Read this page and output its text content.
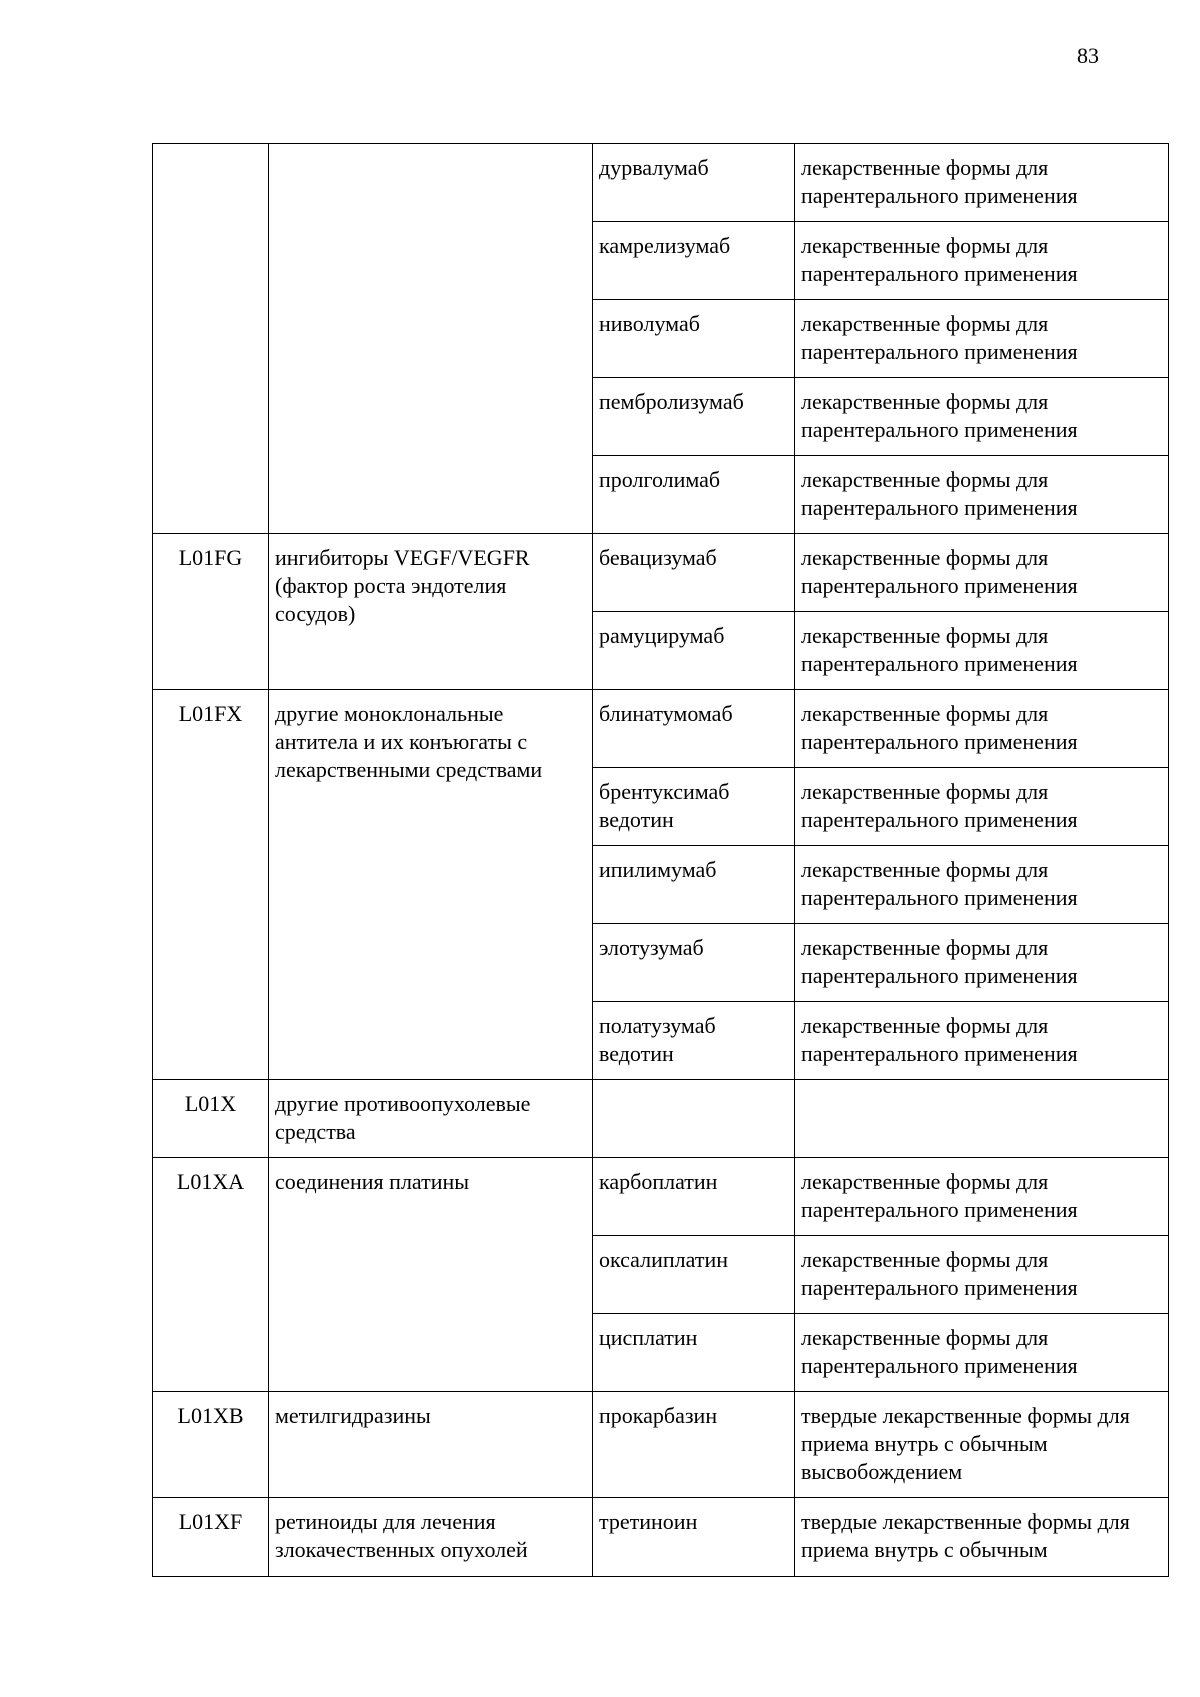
83
		дурвалумаб	лекарственные формы для парентерального применения
		камрелизумаб	лекарственные формы для парентерального применения
		ниволумаб	лекарственные формы для парентерального применения
		пембролизумаб	лекарственные формы для парентерального применения
		пролголимаб	лекарственные формы для парентерального применения
L01FG	ингибиторы VEGF/VEGFR (фактор роста эндотелия сосудов)	бевацизумаб	лекарственные формы для парентерального применения
		рамуцирумаб	лекарственные формы для парентерального применения
L01FX	другие моноклональные антитела и их конъюгаты с лекарственными средствами	блинатумомаб	лекарственные формы для парентерального применения
		брентуксимаб ведотин	лекарственные формы для парентерального применения
		ипилимумаб	лекарственные формы для парентерального применения
		элотузумаб	лекарственные формы для парентерального применения
		полатузумаб ведотин	лекарственные формы для парентерального применения
L01X	другие противоопухолевые средства		
L01XA	соединения платины	карбоплатин	лекарственные формы для парентерального применения
		оксалиплатин	лекарственные формы для парентерального применения
		цисплатин	лекарственные формы для парентерального применения
L01XB	метилгидразины	прокарбазин	твердые лекарственные формы для приема внутрь с обычным высвобождением
L01XF	ретиноиды для лечения злокачественных опухолей	третиноин	твердые лекарственные формы для приема внутрь с обычным
